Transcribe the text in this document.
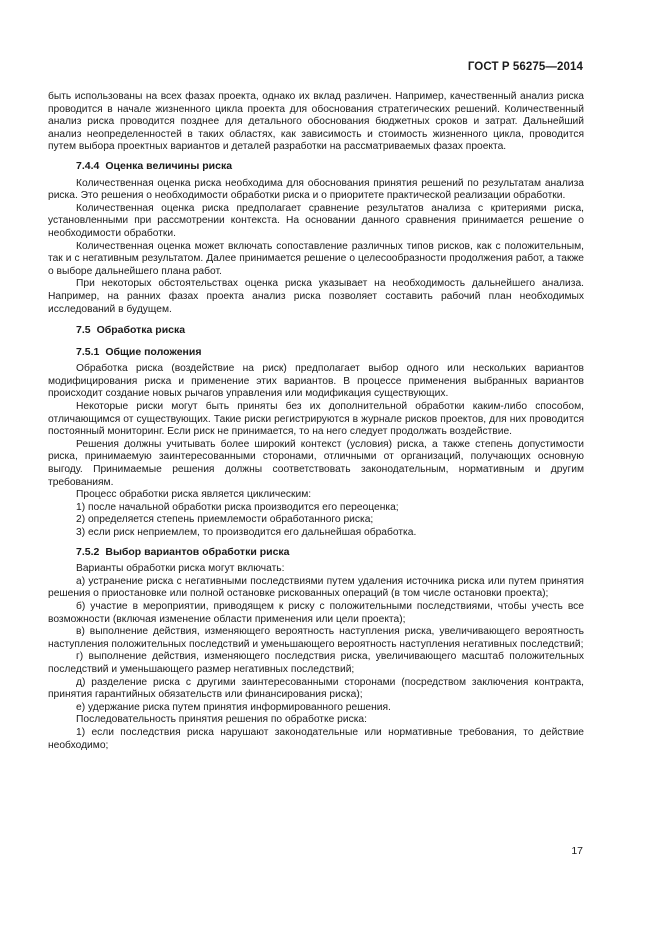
ГОСТ Р 56275—2014

быть использованы на всех фазах проекта, однако их вклад различен. Например, качественный анализ риска проводится в начале жизненного цикла проекта для обоснования стратегических решений. Количественный анализ риска проводится позднее для детального обоснования бюджетных сроков и затрат. Дальнейший анализ неопределенностей в таких областях, как зависимость и стоимость жизненного цикла, проводится путем выбора проектных вариантов и деталей разработки на рассматриваемых фазах проекта.

7.4.4 Оценка величины риска

Количественная оценка риска необходима для обоснования принятия решений по результатам анализа риска. Это решения о необходимости обработки риска и о приоритете практической реализации обработки.

Количественная оценка риска предполагает сравнение результатов анализа с критериями риска, установленными при рассмотрении контекста. На основании данного сравнения принимается решение о необходимости обработки.

Количественная оценка может включать сопоставление различных типов рисков, как с положительным, так и с негативным результатом. Далее принимается решение о целесообразности продолжения работ, а также о выборе дальнейшего плана работ.

При некоторых обстоятельствах оценка риска указывает на необходимость дальнейшего анализа. Например, на ранних фазах проекта анализ риска позволяет составить рабочий план необходимых исследований в будущем.

7.5 Обработка риска

7.5.1 Общие положения

Обработка риска (воздействие на риск) предполагает выбор одного или нескольких вариантов модифицирования риска и применение этих вариантов. В процессе применения выбранных вариантов происходит создание новых рычагов управления или модификация существующих.

Некоторые риски могут быть приняты без их дополнительной обработки каким-либо способом, отличающимся от существующих. Такие риски регистрируются в журнале рисков проектов, для них проводится постоянный мониторинг. Если риск не принимается, то на него следует продолжать воздействие.

Решения должны учитывать более широкий контекст (условия) риска, а также степень допустимости риска, принимаемую заинтересованными сторонами, отличными от организаций, получающих основную выгоду. Принимаемые решения должны соответствовать законодательным, нормативным и другим требованиям.

Процесс обработки риска является циклическим:

1) после начальной обработки риска производится его переоценка;

2) определяется степень приемлемости обработанного риска;

3) если риск неприемлем, то производится его дальнейшая обработка.

7.5.2 Выбор вариантов обработки риска

Варианты обработки риска могут включать:

а) устранение риска с негативными последствиями путем удаления источника риска или путем принятия решения о приостановке или полной остановке рискованных операций (в том числе остановки проекта);

б) участие в мероприятии, приводящем к риску с положительными последствиями, чтобы учесть все возможности (включая изменение области применения или цели проекта);

в) выполнение действия, изменяющего вероятность наступления риска, увеличивающего вероятность наступления положительных последствий и уменьшающего вероятность наступления негативных последствий;

г) выполнение действия, изменяющего последствия риска, увеличивающего масштаб положительных последствий и уменьшающего размер негативных последствий;

д) разделение риска с другими заинтересованными сторонами (посредством заключения контракта, принятия гарантийных обязательств или финансирования риска);

е) удержание риска путем принятия информированного решения.

Последовательность принятия решения по обработке риска:

1) если последствия риска нарушают законодательные или нормативные требования, то действие необходимо;

17
